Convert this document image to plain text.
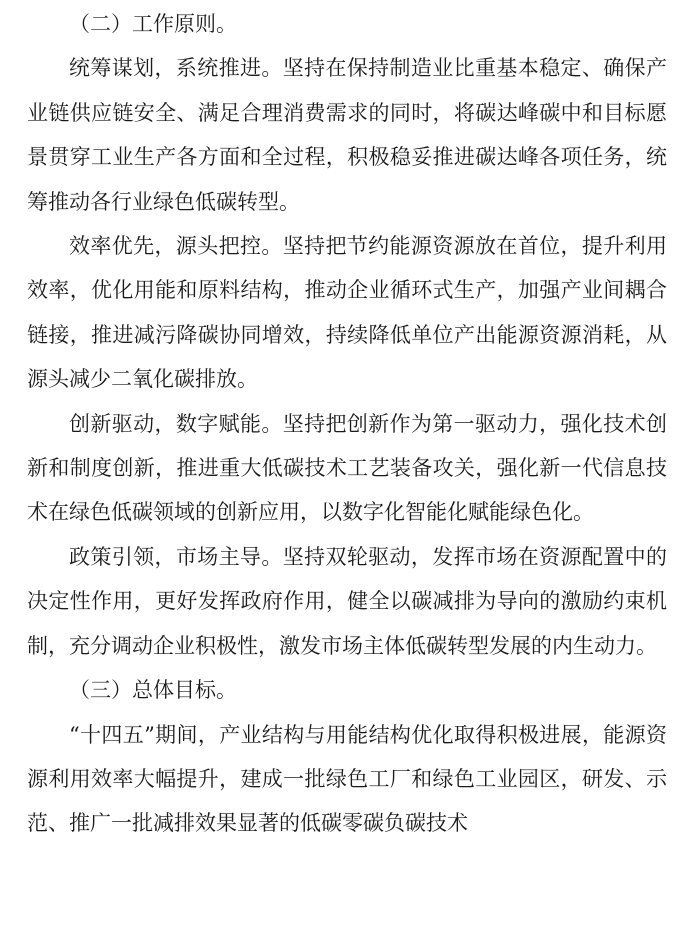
（二）工作原则。

统筹谋划，系统推进。坚持在保持制造业比重基本稳定、确保产业链供应链安全、满足合理消费需求的同时，将碳达峰碳中和目标愿景贯穿工业生产各方面和全过程，积极稳妥推进碳达峰各项任务，统筹推动各行业绿色低碳转型。

效率优先，源头把控。坚持把节约能源资源放在首位，提升利用效率，优化用能和原料结构，推动企业循环式生产，加强产业间耦合链接，推进减污降碳协同增效，持续降低单位产出能源资源消耗，从源头减少二氧化碳排放。

创新驱动，数字赋能。坚持把创新作为第一驱动力，强化技术创新和制度创新，推进重大低碳技术工艺装备攻关，强化新一代信息技术在绿色低碳领域的创新应用，以数字化智能化赋能绿色化。

政策引领，市场主导。坚持双轮驱动，发挥市场在资源配置中的决定性作用，更好发挥政府作用，健全以碳减排为导向的激励约束机制，充分调动企业积极性，激发市场主体低碳转型发展的内生动力。

（三）总体目标。

“十四五”期间，产业结构与用能结构优化取得积极进展，能源资源利用效率大幅提升，建成一批绿色工厂和绿色工业园区，研发、示范、推广一批减排效果显著的低碳零碳负碳技术
